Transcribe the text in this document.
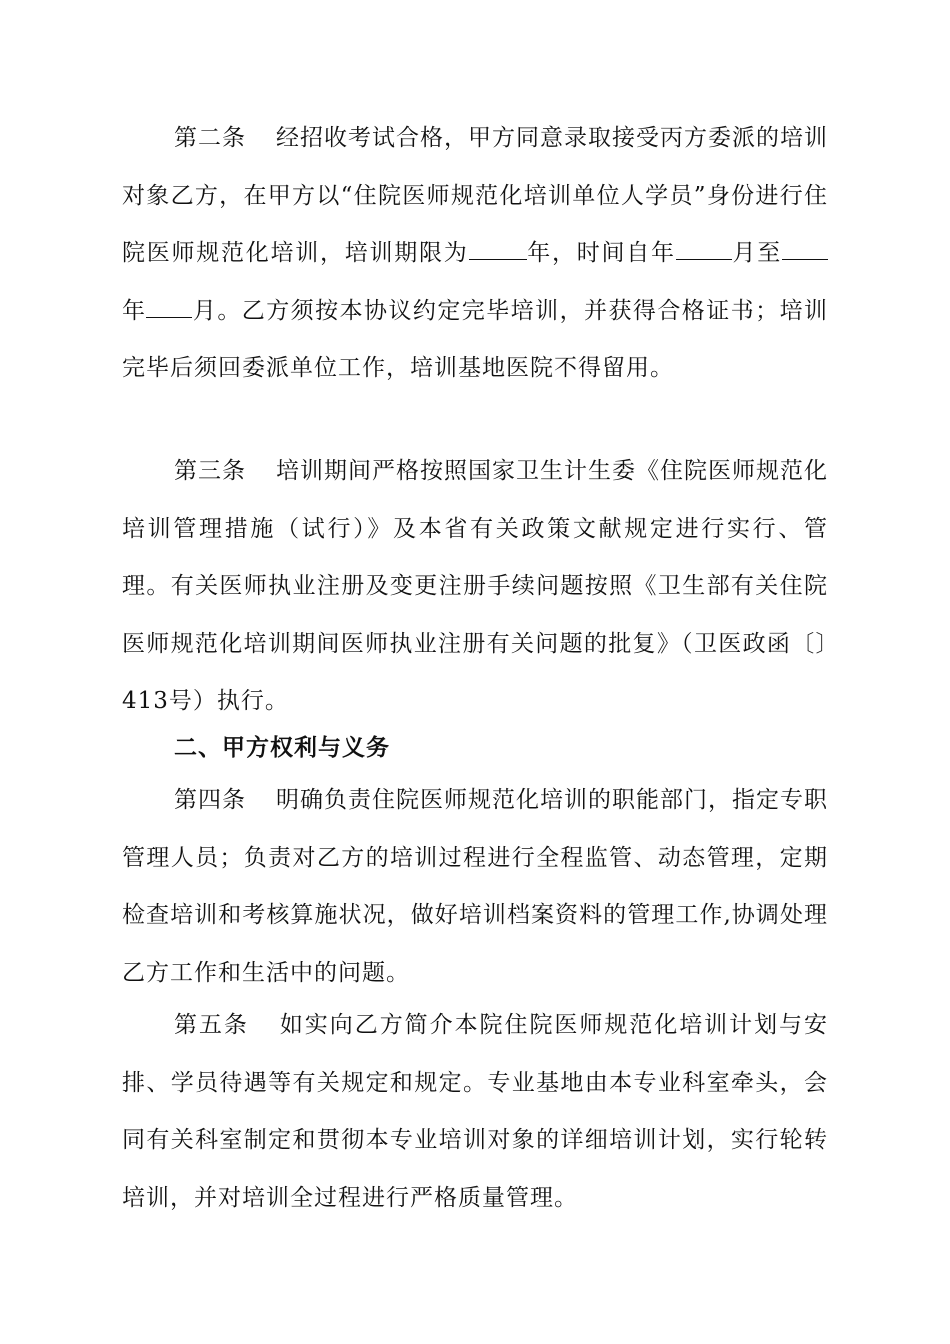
第二条 经招收考试合格，甲方同意录取接受丙方委派的培训对象乙方，在甲方以“住院医师规范化培训单位人学员”身份进行住院医师规范化培训，培训期限为	年，时间自年 月至年 月。乙方须按本协议约定完毕培训，并获得合格证书；培训完毕后须回委派单位工作，培训基地医院不得留用。

第三条 培训期间严格按照国家卫生计生委《住院医师规范化培训管理措施（试行）》及本省有关政策文献规定进行实行、管理。有关医师执业注册及变更注册手续问题按照《卫生部有关住院医师规范化培训期间医师执业注册有关问题的批复》（卫医政函〔〕413号）执行。

二、甲方权利与义务

第四条 明确负责住院医师规范化培训的职能部门，指定专职管理人员；负责对乙方的培训过程进行全程监管、动态管理，定期检查培训和考核算施状况，做好培训档案资料的管理工作,协调处理乙方工作和生活中的问题。

第五条 如实向乙方简介本院住院医师规范化培训计划与安排、学员待遇等有关规定和规定。专业基地由本专业科室牵头，会同有关科室制定和贯彻本专业培训对象的详细培训计划，实行轮转培训，并对培训全过程进行严格质量管理。
